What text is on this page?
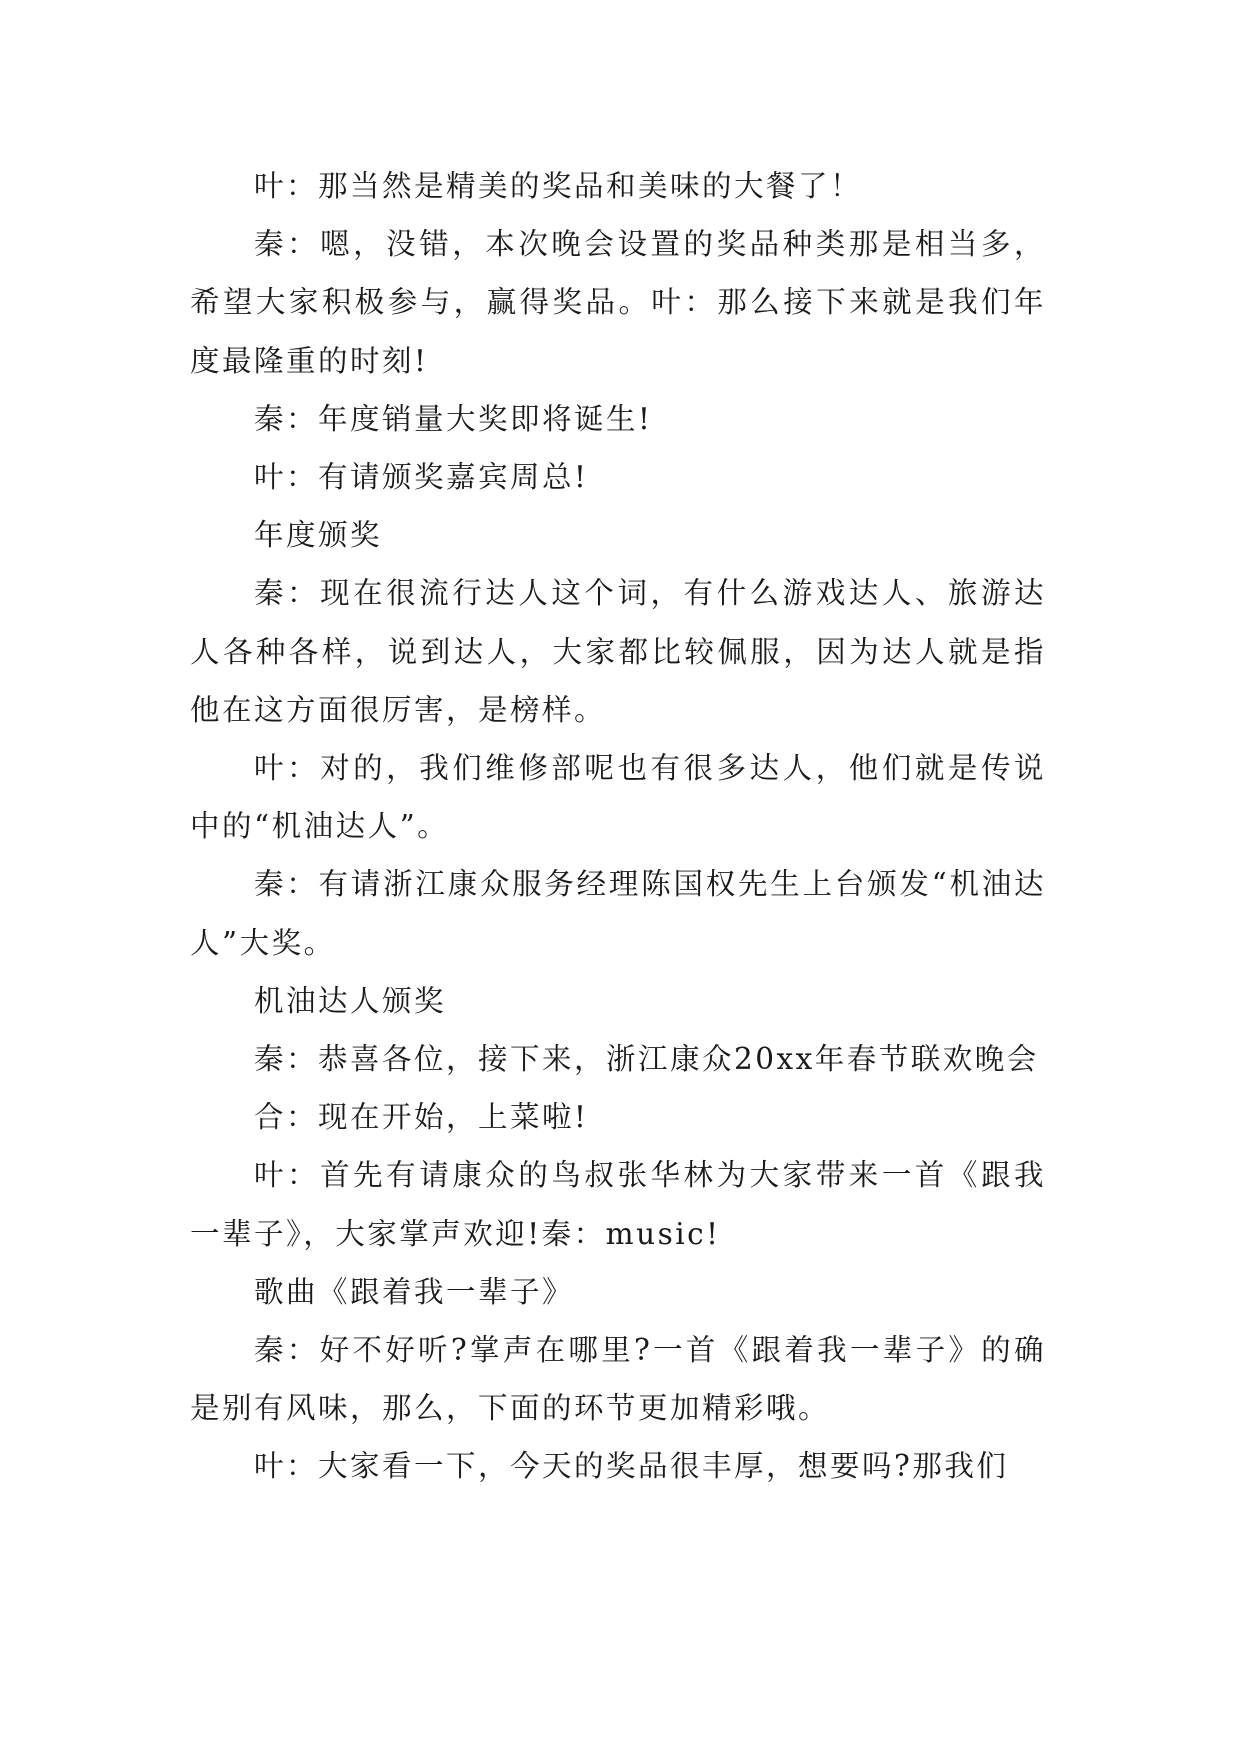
叶：那当然是精美的奖品和美味的大餐了！

秦：嗯，没错，本次晚会设置的奖品种类那是相当多，希望大家积极参与，赢得奖品。叶：那么接下来就是我们年度最隆重的时刻!

秦：年度销量大奖即将诞生!

叶：有请颁奖嘉宾周总!

年度颁奖

秦：现在很流行达人这个词，有什么游戏达人、旅游达人各种各样，说到达人，大家都比较佩服，因为达人就是指他在这方面很厉害，是榜样。

叶：对的，我们维修部呢也有很多达人，他们就是传说中的“机油达人”。

秦：有请浙江康众服务经理陈国权先生上台颁发“机油达人”大奖。

机油达人颁奖

秦：恭喜各位，接下来，浙江康众20xx年春节联欢晚会

合：现在开始，上菜啦!

叶：首先有请康众的鸟叔张华林为大家带来一首《跟我一辈子》，大家掌声欢迎!秦：music!

歌曲《跟着我一辈子》

秦：好不好听?掌声在哪里?一首《跟着我一辈子》的确是别有风味，那么，下面的环节更加精彩哦。

叶：大家看一下，今天的奖品很丰厚，想要吗?那我们
